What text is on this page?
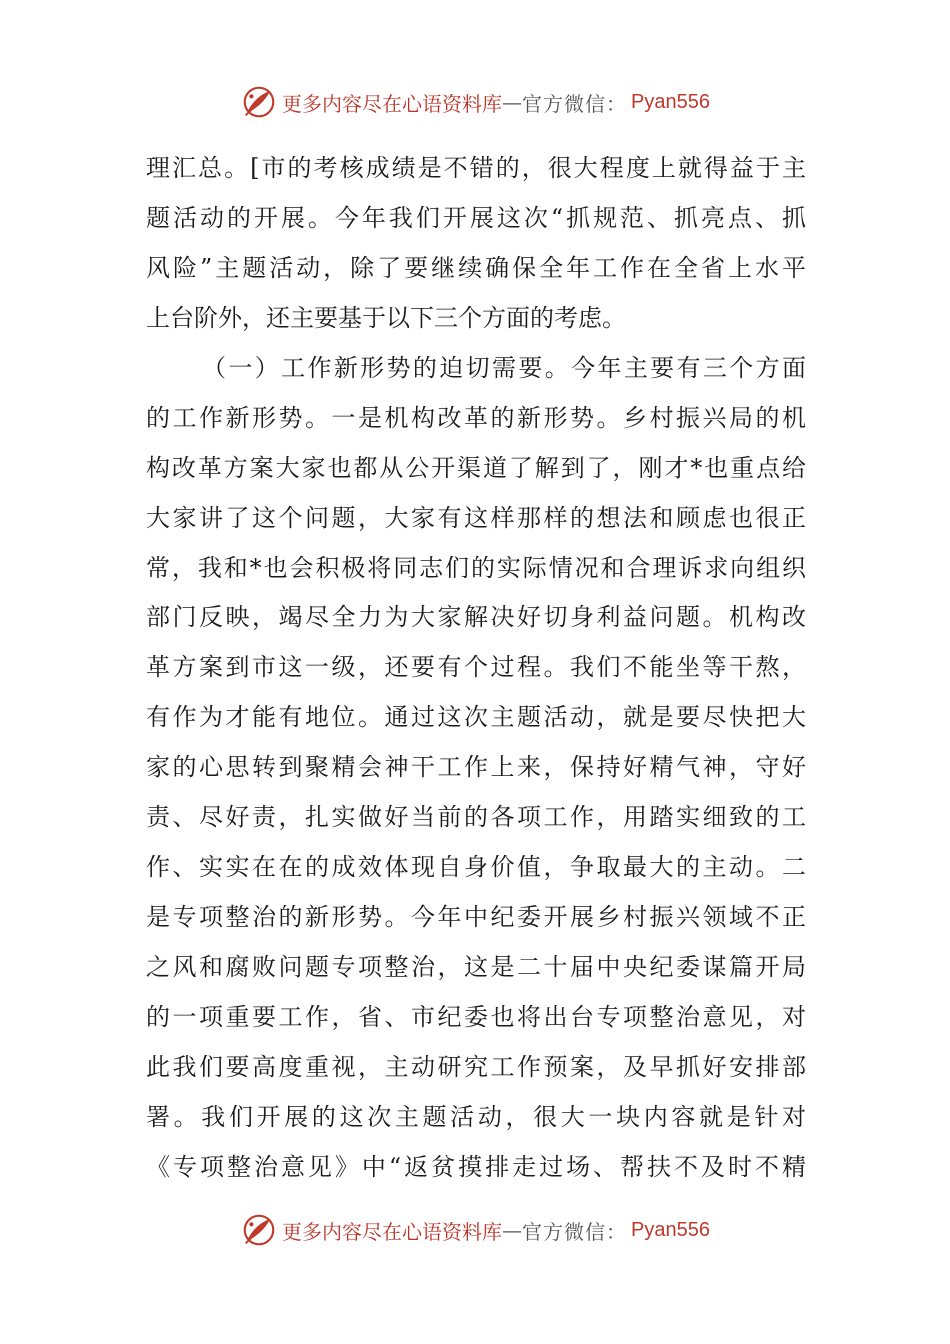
更多内容尽在心语资料库 — 官方微信： Pyan556
理汇总。[市的考核成绩是不错的，很大程度上就得益于主
题活动的开展。今年我们开展这次“抓规范、抓亮点、抓
风险”主题活动，除了要继续确保全年工作在全省上水平
上台阶外，还主要基于以下三个方面的考虑。
（一）工作新形势的迫切需要。今年主要有三个方面
的工作新形势。一是机构改革的新形势。乡村振兴局的机
构改革方案大家也都从公开渠道了解到了，刚才*也重点给
大家讲了这个问题，大家有这样那样的想法和顾虑也很正
常，我和*也会积极将同志们的实际情况和合理诉求向组织
部门反映，竭尽全力为大家解决好切身利益问题。机构改
革方案到市这一级，还要有个过程。我们不能坐等干熬，
有作为才能有地位。通过这次主题活动，就是要尽快把大
家的心思转到聚精会神干工作上来，保持好精气神，守好
责、尽好责，扎实做好当前的各项工作，用踏实细致的工
作、实实在在的成效体现自身价值，争取最大的主动。二
是专项整治的新形势。今年中纪委开展乡村振兴领域不正
之风和腐败问题专项整治，这是二十届中央纪委谋篇开局
的一项重要工作，省、市纪委也将出台专项整治意见，对
此我们要高度重视，主动研究工作预案，及早抓好安排部
署。我们开展的这次主题活动，很大一块内容就是针对
《专项整治意见》中“返贫摸排走过场、帮扶不及时不精
更多内容尽在心语资料库 — 官方微信： Pyan556
